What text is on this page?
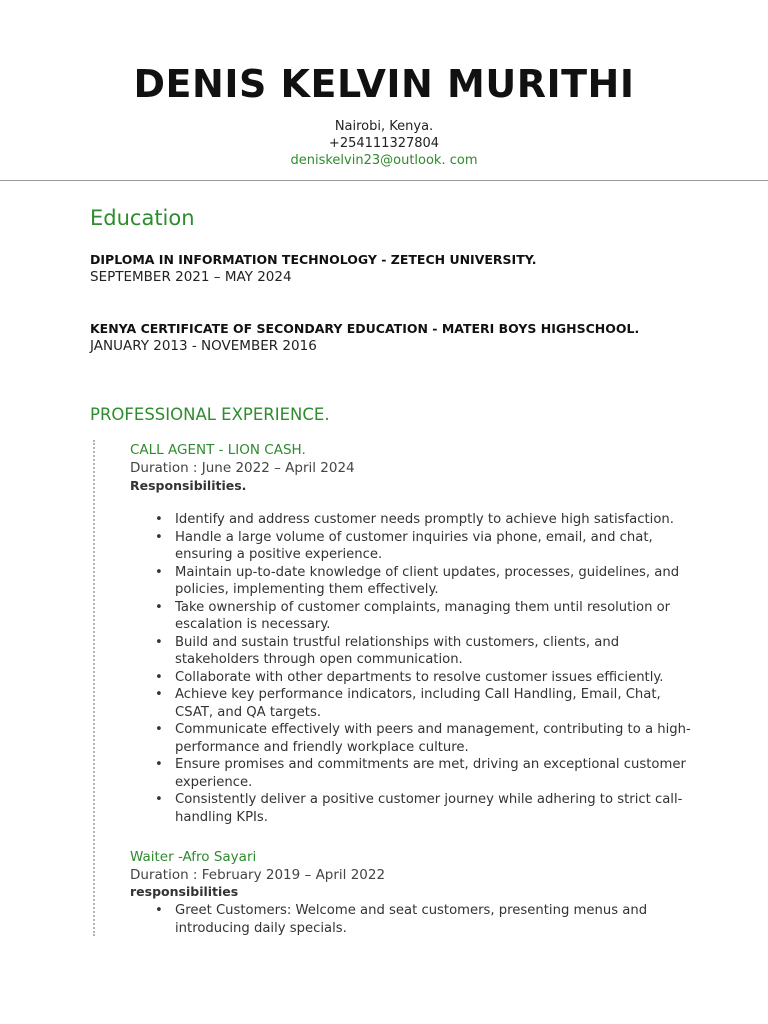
DENIS KELVIN MURITHI
Nairobi, Kenya.
+254111327804
deniskelvin23@outlook. com
Education
DIPLOMA IN INFORMATION TECHNOLOGY - ZETECH UNIVERSITY.
SEPTEMBER 2021 – MAY 2024
KENYA CERTIFICATE OF SECONDARY EDUCATION - MATERI BOYS HIGHSCHOOL.
JANUARY 2013 - NOVEMBER 2016
PROFESSIONAL EXPERIENCE.
CALL AGENT - LION CASH.
Duration : June 2022 – April 2024
Responsibilities.
• Identify and address customer needs promptly to achieve high satisfaction.
• Handle a large volume of customer inquiries via phone, email, and chat, ensuring a positive experience.
• Maintain up-to-date knowledge of client updates, processes, guidelines, and policies, implementing them effectively.
• Take ownership of customer complaints, managing them until resolution or escalation is necessary.
• Build and sustain trustful relationships with customers, clients, and stakeholders through open communication.
• Collaborate with other departments to resolve customer issues efficiently.
• Achieve key performance indicators, including Call Handling, Email, Chat, CSAT, and QA targets.
• Communicate effectively with peers and management, contributing to a high-performance and friendly workplace culture.
• Ensure promises and commitments are met, driving an exceptional customer experience.
• Consistently deliver a positive customer journey while adhering to strict call-handling KPIs.
Waiter -Afro Sayari
Duration : February 2019 – April 2022
responsibilities
• Greet Customers: Welcome and seat customers, presenting menus and introducing daily specials.
